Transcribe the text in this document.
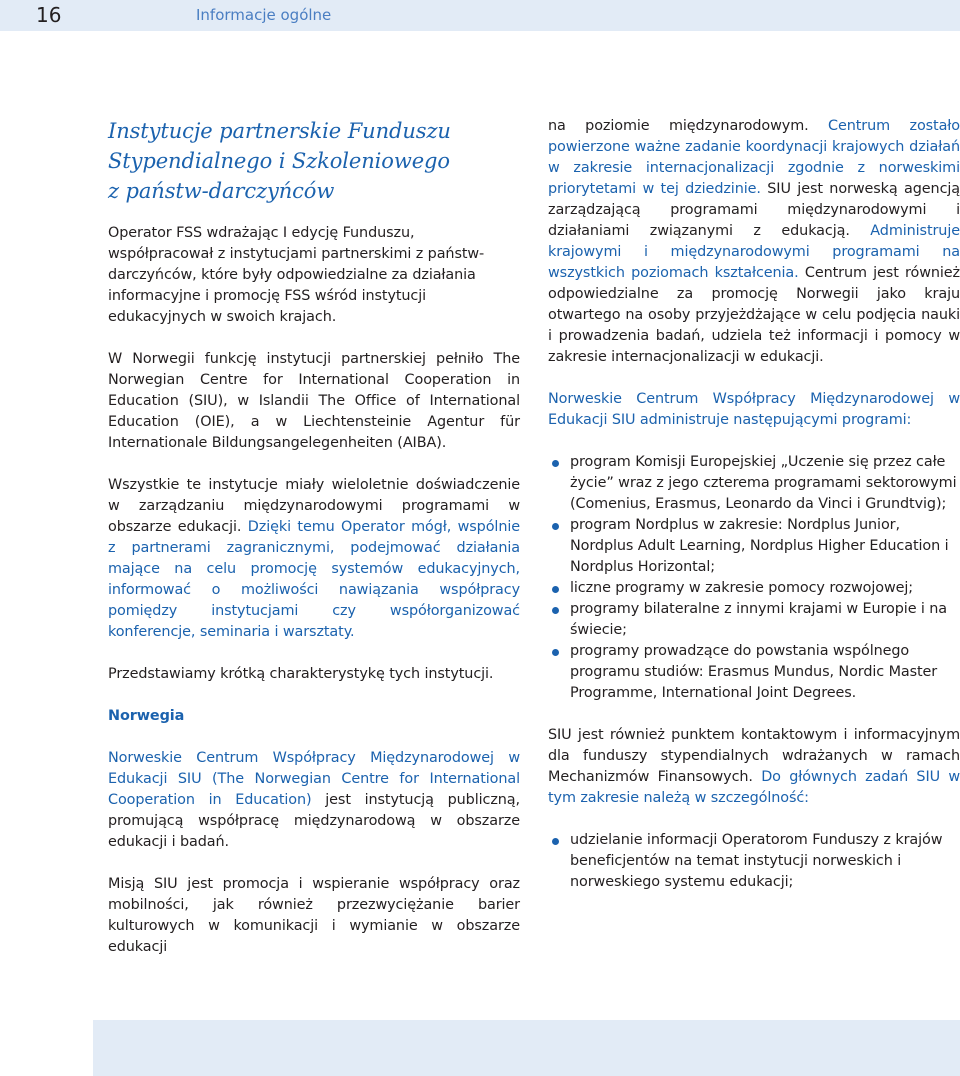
16	Informacje ogólne
Instytucje partnerskie Funduszu
Stypendialnego i Szkoleniowego
z państw-darczyńców

Operator FSS wdrażając I edycję Funduszu, współpracował z instytucjami partnerskimi z państw-darczyńców, które były odpowiedzialne za działania informacyjne i promocję FSS wśród instytucji edukacyjnych w swoich krajach.

W Norwegii funkcję instytucji partnerskiej pełniło The Norwegian Centre for International Cooperation in Education (SIU), w Islandii The Office of International Education (OIE), a w Liechtensteinie Agentur für Internationale Bildungsangelegenheiten (AIBA).

Wszystkie te instytucje miały wieloletnie doświadczenie w zarządzaniu międzynarodowymi programami w obszarze edukacji. Dzięki temu Operator mógł, wspólnie z partnerami zagranicznymi, podejmować działania mające na celu promocję systemów edukacyjnych, informować o możliwości nawiązania współpracy pomiędzy instytucjami czy współorganizować konferencje, seminaria i warsztaty.

Przedstawiamy krótką charakterystykę tych instytucji.

Norwegia

Norweskie Centrum Współpracy Międzynarodowej w Edukacji SIU (The Norwegian Centre for International Cooperation in Education) jest instytucją publiczną, promującą współpracę międzynarodową w obszarze edukacji i badań.

Misją SIU jest promocja i wspieranie współpracy oraz mobilności, jak również przezwyciężanie barier kulturowych w komunikacji i wymianie w obszarze edukacji

na poziomie międzynarodowym. Centrum zostało powierzone ważne zadanie koordynacji krajowych działań w zakresie internacjonalizacji zgodnie z norweskimi priorytetami w tej dziedzinie. SIU jest norweską agencją zarządzającą programami międzynarodowymi i działaniami związanymi z edukacją. Administruje krajowymi i międzynarodowymi programami na wszystkich poziomach kształcenia. Centrum jest również odpowiedzialne za promocję Norwegii jako kraju otwartego na osoby przyjeżdżające w celu podjęcia nauki i prowadzenia badań, udziela też informacji i pomocy w zakresie internacjonalizacji w edukacji.

Norweskie Centrum Współpracy Międzynarodowej w Edukacji SIU administruje następującymi programi:

program Komisji Europejskiej „Uczenie się przez całe życie” wraz z jego czterema programami sektorowymi (Comenius, Erasmus, Leonardo da Vinci i Grundtvig);
program Nordplus w zakresie: Nordplus Junior, Nordplus Adult Learning, Nordplus Higher Education i Nordplus Horizontal;
liczne programy w zakresie pomocy rozwojowej;
programy bilateralne z innymi krajami w Europie i na świecie;
programy prowadzące do powstania wspólnego programu studiów: Erasmus Mundus, Nordic Master Programme, International Joint Degrees.

SIU jest również punktem kontaktowym i informacyjnym dla funduszy stypendialnych wdrażanych w ramach Mechanizmów Finansowych. Do głównych zadań SIU w tym zakresie należą w szczególność:

udzielanie informacji Operatorom Funduszy z krajów beneficjentów na temat instytucji norweskich i norweskiego systemu edukacji;
